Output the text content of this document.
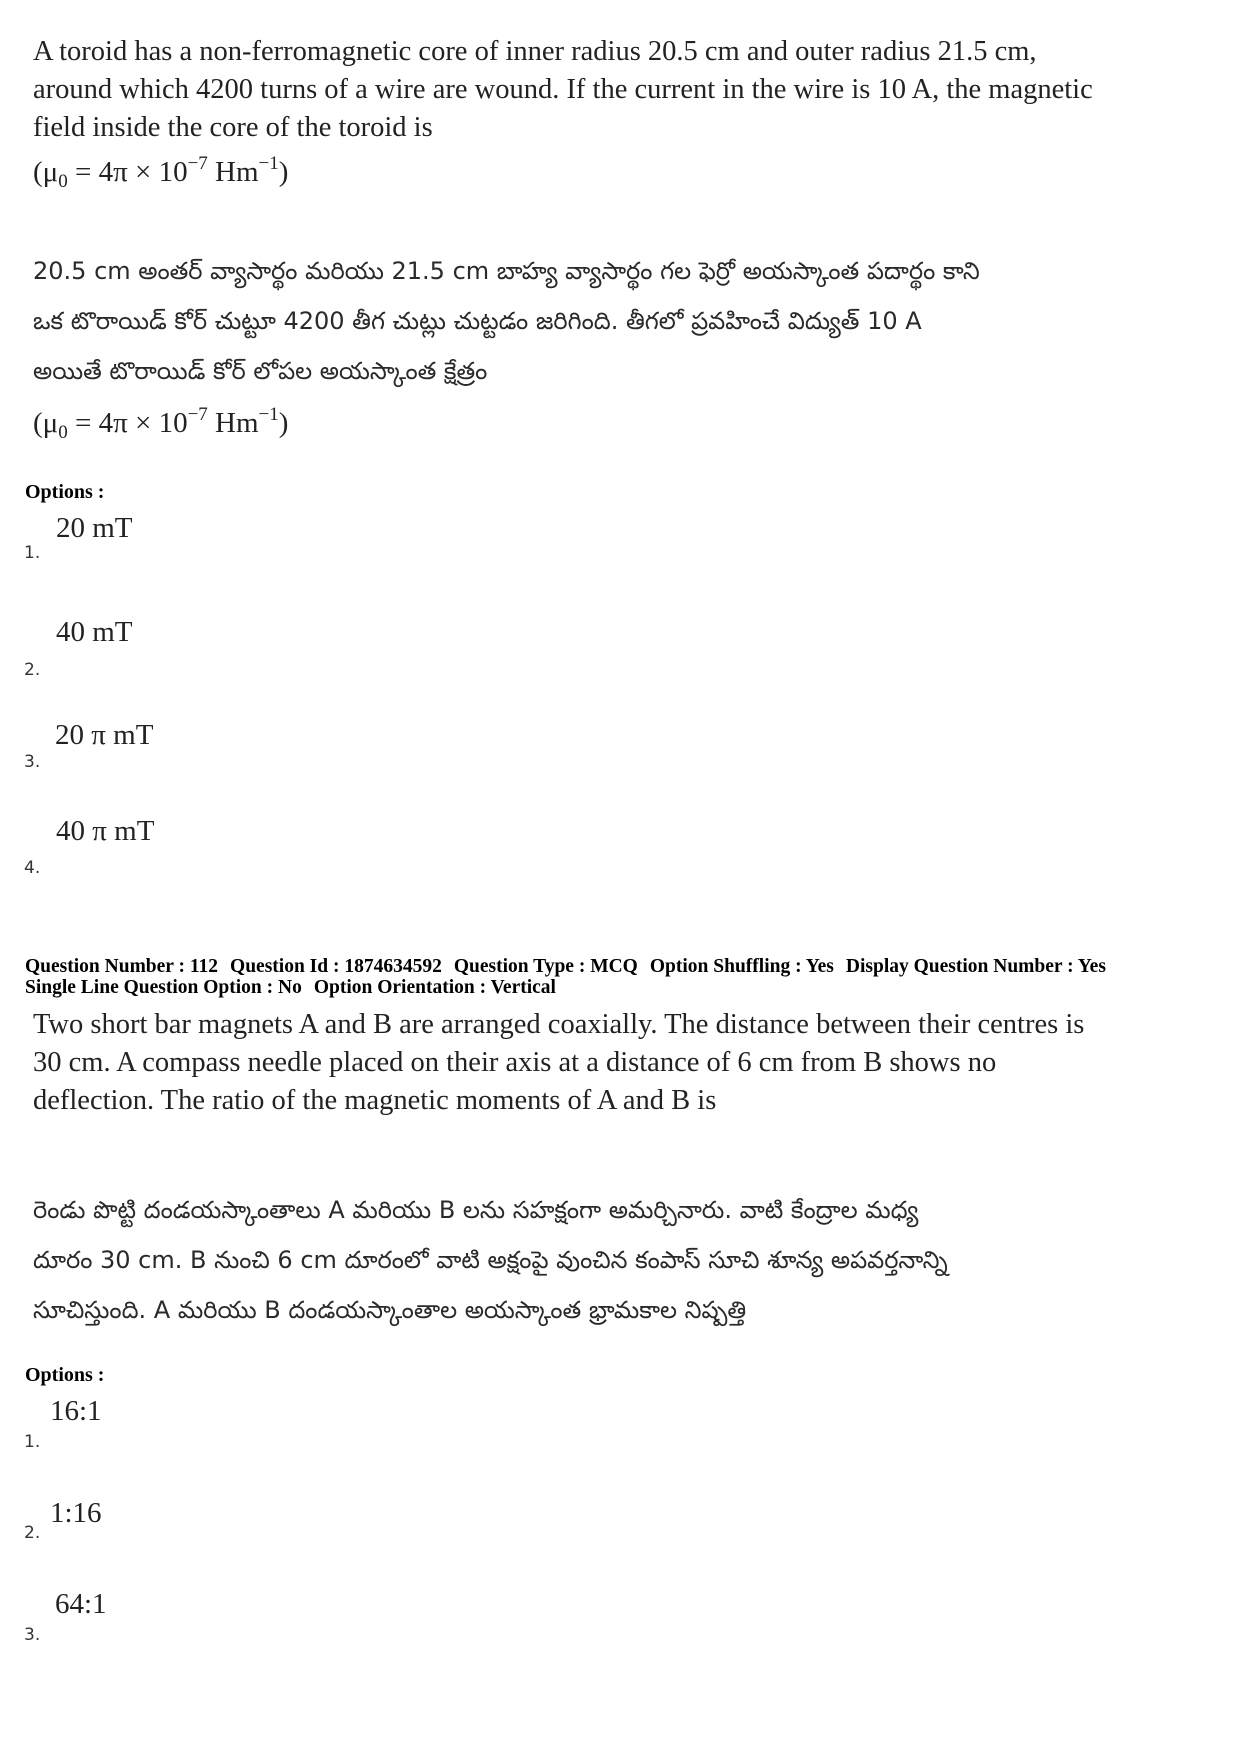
A toroid has a non-ferromagnetic core of inner radius 20.5 cm and outer radius 21.5 cm,
around which 4200 turns of a wire are wound. If the current in the wire is 10 A, the magnetic
field inside the core of the toroid is
($\mu_0 = 4\pi \times 10^{-7}$ $Hm^{-1}$)
20.5 cm అంతర్ వ్యాసార్థం మరియు 21.5 cm బాహ్య వ్యాసార్థం గల ఫెర్రో అయస్కాంత పదార్థం కాని
ఒక టొరాయిడ్ కోర్ చుట్టూ 4200 తీగ చుట్లు చుట్టడం జరిగింది. తీగలో ప్రవహించే విద్యుత్ 10 A
అయితే టొరాయిడ్ కోర్ లోపల అయస్కాంత క్షేత్రం
($\mu_0 = 4\pi \times 10^{-7}$ $Hm^{-1}$)
Options :
20 mT
1.
40 mT
2.
20 π mT
3.
40 π mT
4.
Question Number : 112 Question Id : 1874634592 Question Type : MCQ Option Shuffling : Yes Display Question Number : Yes
Single Line Question Option : No Option Orientation : Vertical
Two short bar magnets A and B are arranged coaxially. The distance between their centres is
30 cm. A compass needle placed on their axis at a distance of 6 cm from B shows no
deflection. The ratio of the magnetic moments of A and B is
రెండు పొట్టి దండయస్కాంతాలు A మరియు B లను సహక్షంగా అమర్చినారు. వాటి కేంద్రాల మధ్య
దూరం 30 cm. B నుంచి 6 cm దూరంలో వాటి అక్షంపై వుంచిన కంపాస్ సూచి శూన్య అపవర్తనాన్ని
సూచిస్తుంది. A మరియు B దండయస్కాంతాల అయస్కాంత భ్రామకాల నిష్పత్తి
Options :
16:1
1.
1:16
2.
64:1
3.
